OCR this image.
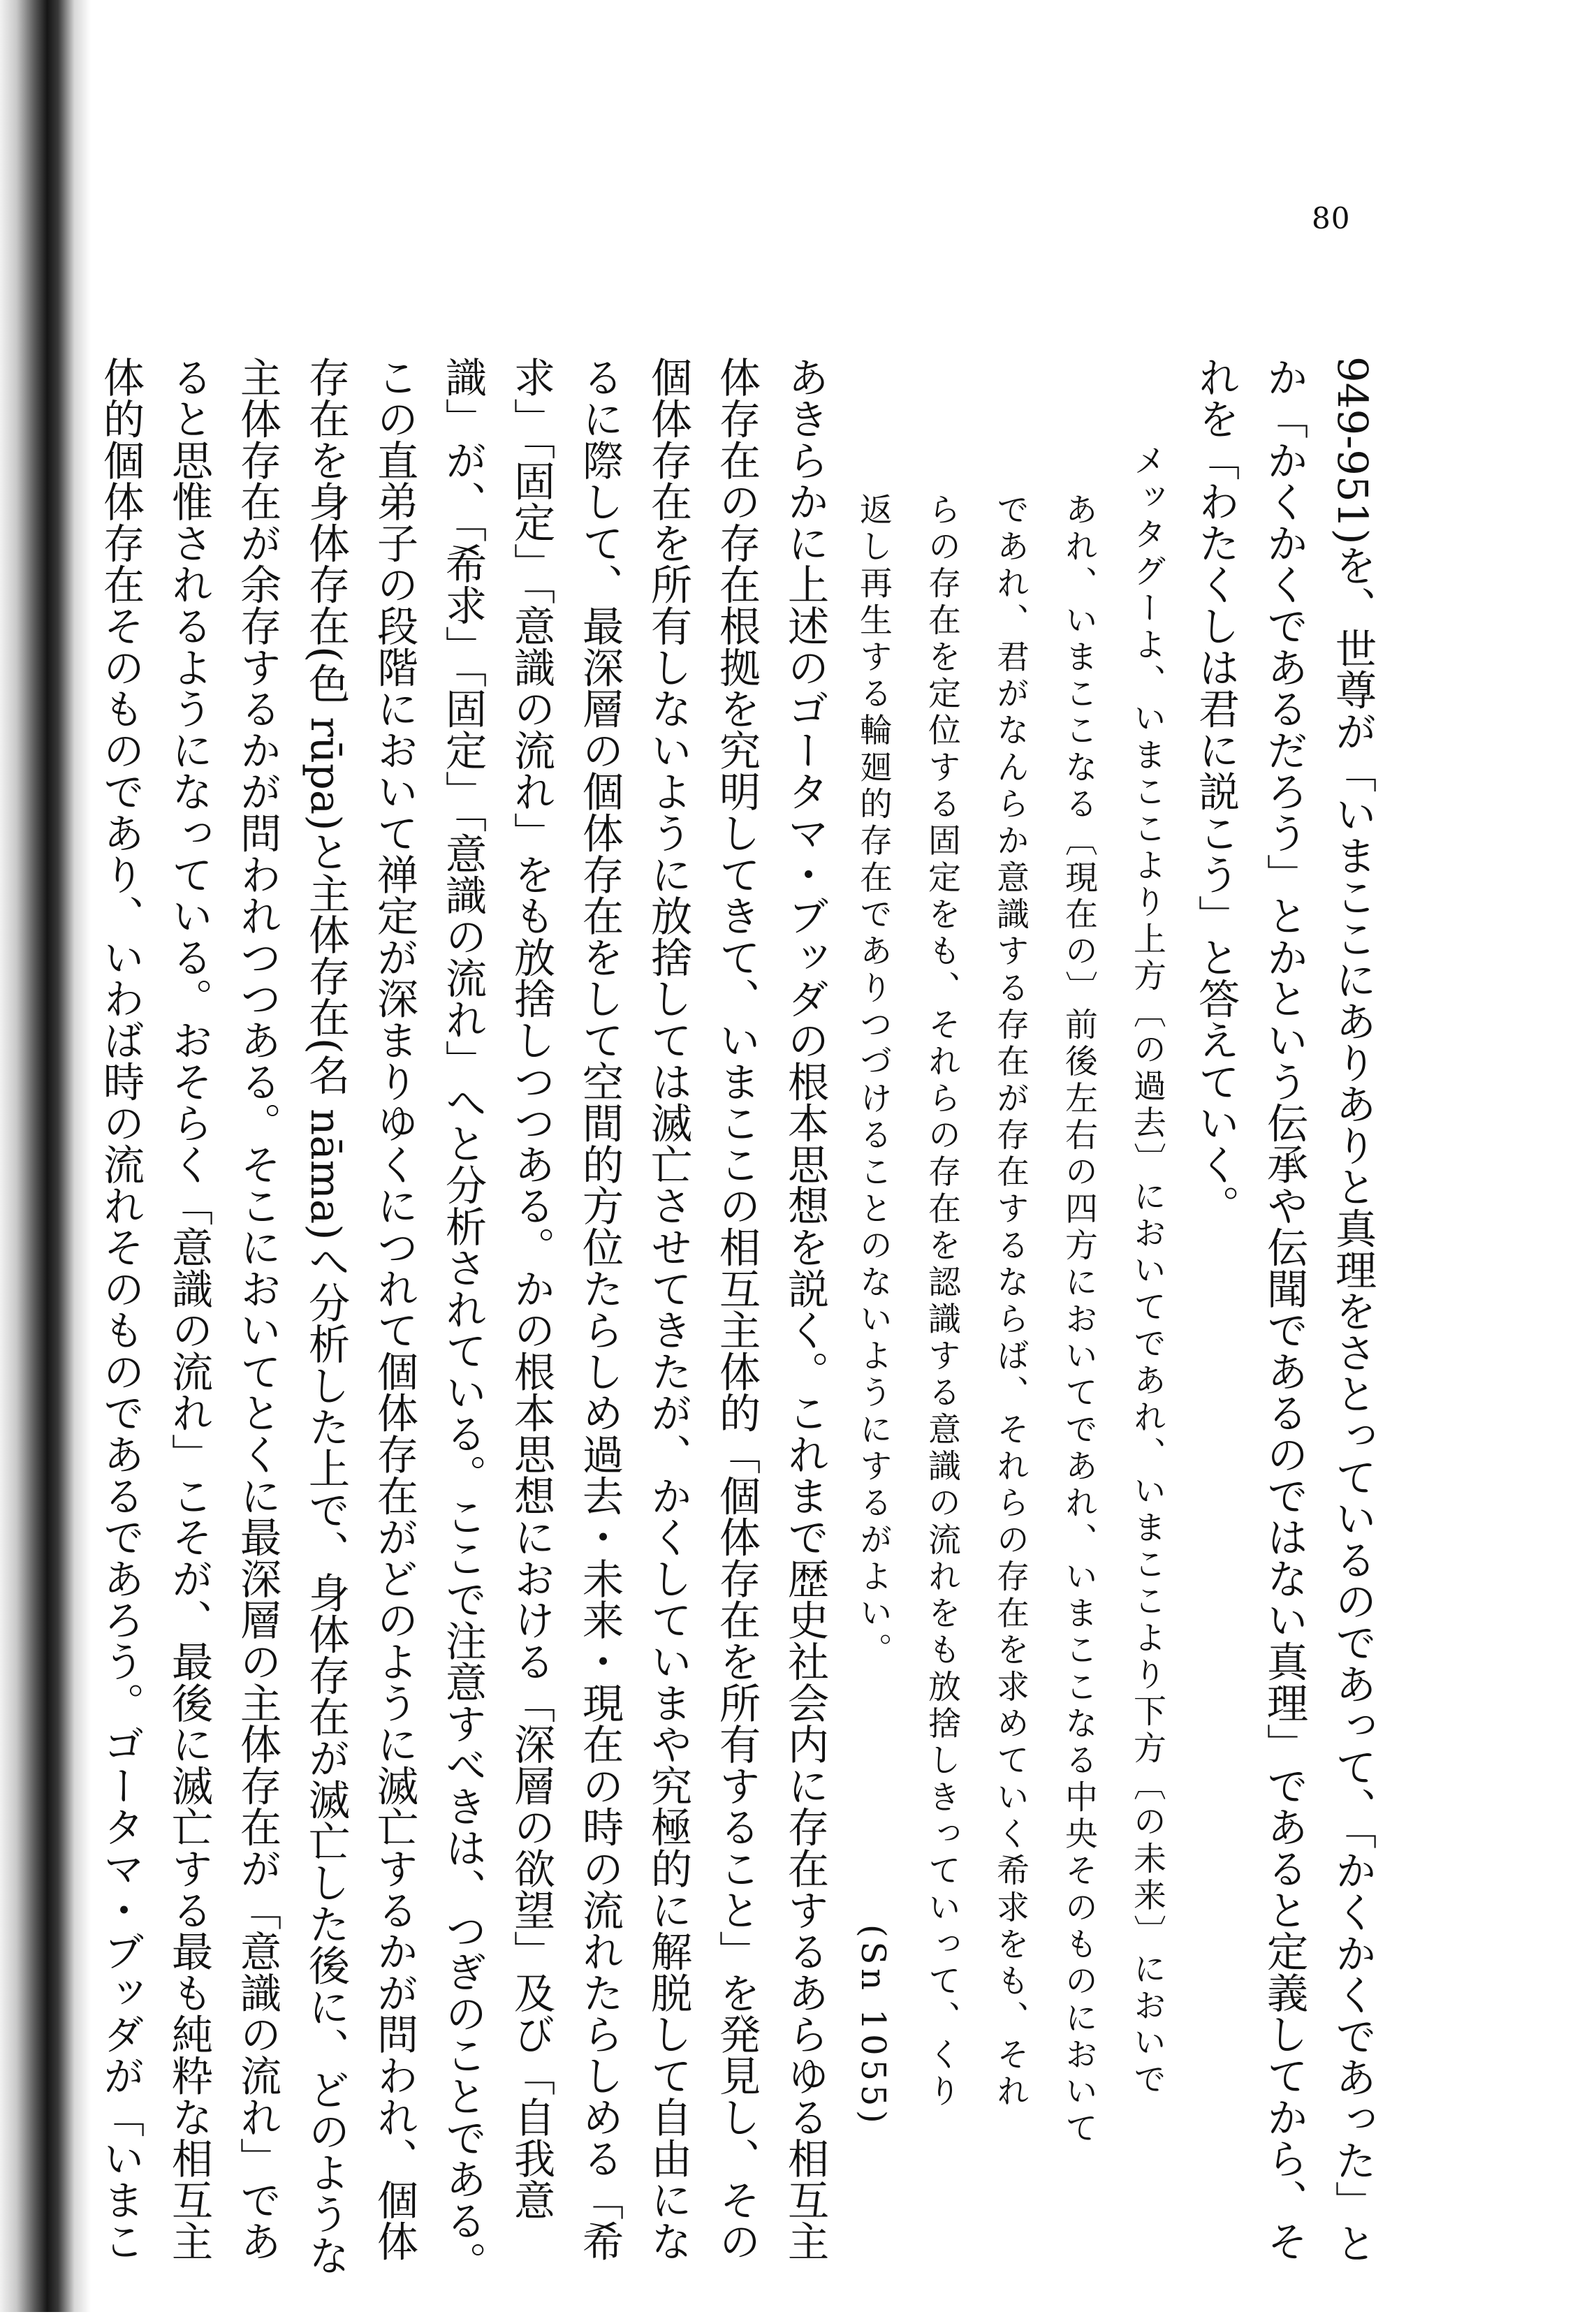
80

949-951)を、世尊が「いまここにありありと真理をさとっているのであって、「かくかくであった」と

か「かくかくであるだろう」とかという伝承や伝聞であるのではない真理」であると定義してから、そ

れを「わたくしは君に説こう」と答えていく。

メッタグーよ、いまここより上方〔の過去〕においてであれ、いまここより下方〔の未来〕においで

あれ、いまここなる〔現在の〕前後左右の四方においてであれ、いまここなる中央そのものにおいて

であれ、君がなんらか意識する存在が存在するならば、それらの存在を求めていく希求をも、それ

らの存在を定位する固定をも、それらの存在を認識する意識の流れをも放捨しきっていって、くり

返し再生する輪廻的存在でありつづけることのないようにするがよい。
(Sn 1055)

あきらかに上述のゴータマ・ブッダの根本思想を説く。これまで歴史社会内に存在するあらゆる相互主

体存在の存在根拠を究明してきて、いまここの相互主体的「個体存在を所有すること」を発見し、その

個体存在を所有しないように放捨しては滅亡させてきたが、かくしていまや究極的に解脱して自由にな

るに際して、最深層の個体存在をして空間的方位たらしめ過去・未来・現在の時の流れたらしめる「希

求」「固定」「意識の流れ」をも放捨しつつある。かの根本思想における「深層の欲望」及び「自我意

識」が、「希求」「固定」「意識の流れ」へと分析されている。ここで注意すべきは、つぎのことである。

この直弟子の段階において禅定が深まりゆくにつれて個体存在がどのように滅亡するかが問われ、個体

存在を身体存在(色 rūpa)と主体存在(名 nāma)へ分析した上で、身体存在が滅亡した後に、どのような

主体存在が余存するかが問われつつある。そこにおいてとくに最深層の主体存在が「意識の流れ」であ

ると思惟されるようになっている。おそらく「意識の流れ」こそが、最後に滅亡する最も純粋な相互主

体的個体存在そのものであり、いわば時の流れそのものであるであろう。ゴータマ・ブッダが「いまこ
